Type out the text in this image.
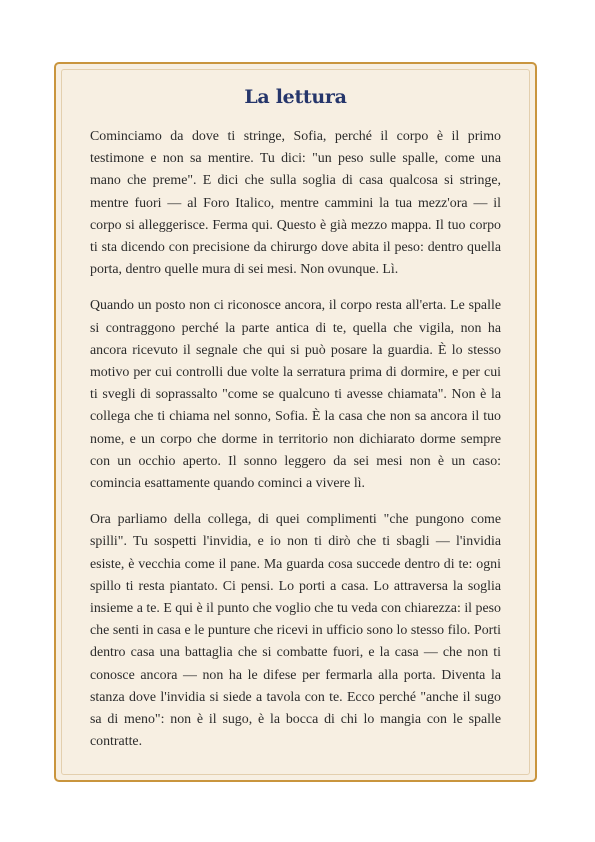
La lettura

Cominciamo da dove ti stringe, Sofia, perché il corpo è il primo testimone e non sa mentire. Tu dici: "un peso sulle spalle, come una mano che preme". E dici che sulla soglia di casa qualcosa si stringe, mentre fuori — al Foro Italico, mentre cammini la tua mezz'ora — il corpo si alleggerisce. Ferma qui. Questo è già mezzo mappa. Il tuo corpo ti sta dicendo con precisione da chirurgo dove abita il peso: dentro quella porta, dentro quelle mura di sei mesi. Non ovunque. Lì.

Quando un posto non ci riconosce ancora, il corpo resta all'erta. Le spalle si contraggono perché la parte antica di te, quella che vigila, non ha ancora ricevuto il segnale che qui si può posare la guardia. È lo stesso motivo per cui controlli due volte la serratura prima di dormire, e per cui ti svegli di soprassalto "come se qualcuno ti avesse chiamata". Non è la collega che ti chiama nel sonno, Sofia. È la casa che non sa ancora il tuo nome, e un corpo che dorme in territorio non dichiarato dorme sempre con un occhio aperto. Il sonno leggero da sei mesi non è un caso: comincia esattamente quando cominci a vivere lì.

Ora parliamo della collega, di quei complimenti "che pungono come spilli". Tu sospetti l'invidia, e io non ti dirò che ti sbagli — l'invidia esiste, è vecchia come il pane. Ma guarda cosa succede dentro di te: ogni spillo ti resta piantato. Ci pensi. Lo porti a casa. Lo attraversa la soglia insieme a te. E qui è il punto che voglio che tu veda con chiarezza: il peso che senti in casa e le punture che ricevi in ufficio sono lo stesso filo. Porti dentro casa una battaglia che si combatte fuori, e la casa — che non ti conosce ancora — non ha le difese per fermarla alla porta. Diventa la stanza dove l'invidia si siede a tavola con te. Ecco perché "anche il sugo sa di meno": non è il sugo, è la bocca di chi lo mangia con le spalle contratte.
